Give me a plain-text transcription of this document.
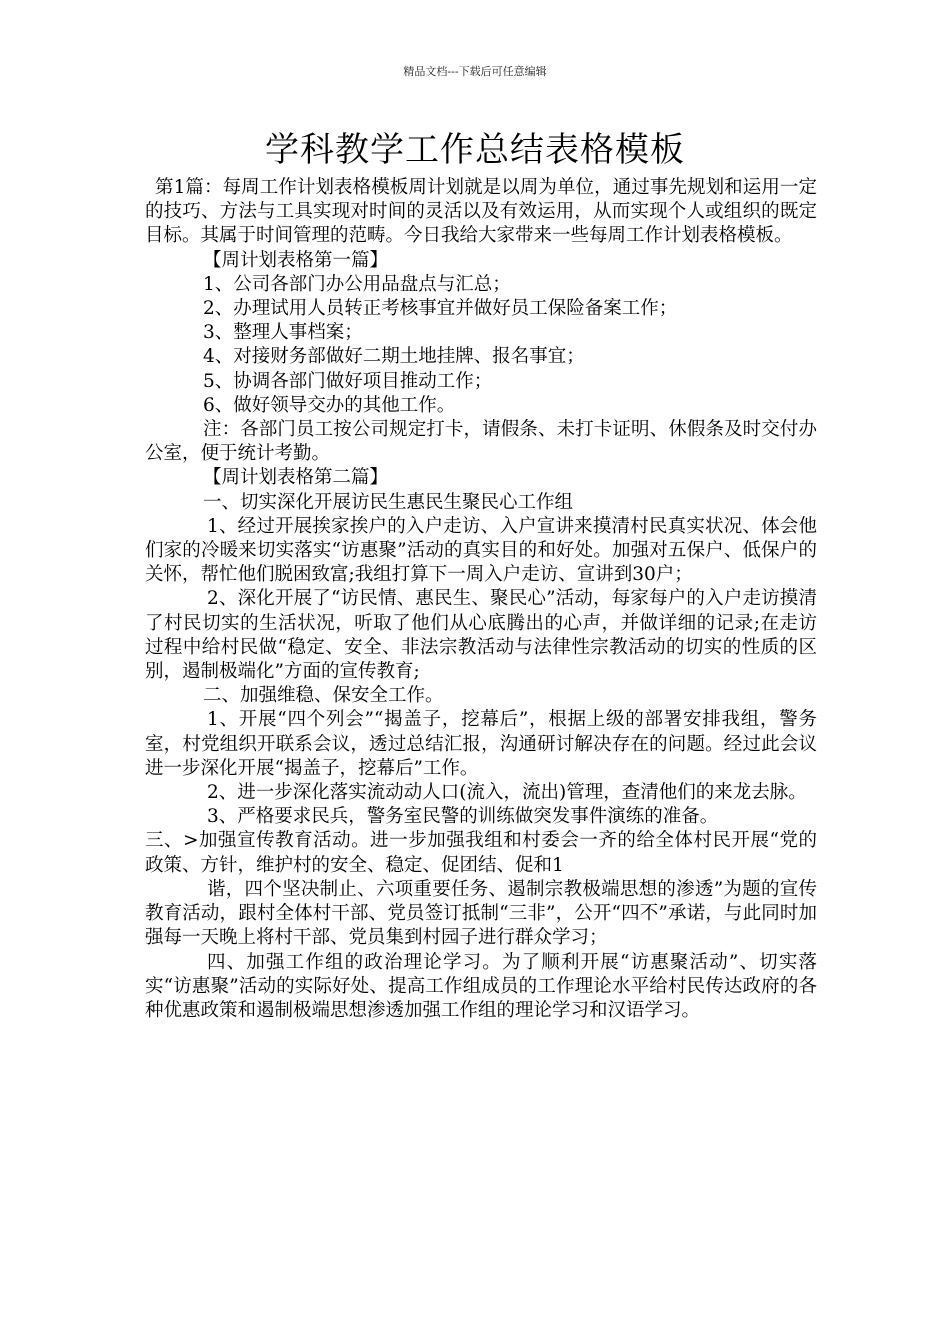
精品文档---下载后可任意编辑
学科教学工作总结表格模板

第1篇：每周工作计划表格模板周计划就是以周为单位，通过事先规划和运用一定的技巧、方法与工具实现对时间的灵活以及有效运用，从而实现个人或组织的既定目标。其属于时间管理的范畴。今日我给大家带来一些每周工作计划表格模板。

【周计划表格第一篇】

1、公司各部门办公用品盘点与汇总；

2、办理试用人员转正考核事宜并做好员工保险备案工作；

3、整理人事档案；

4、对接财务部做好二期土地挂牌、报名事宜；

5、协调各部门做好项目推动工作；

6、做好领导交办的其他工作。

注：各部门员工按公司规定打卡，请假条、未打卡证明、休假条及时交付办公室，便于统计考勤。

【周计划表格第二篇】

一、切实深化开展访民生惠民生聚民心工作组

1、经过开展挨家挨户的入户走访、入户宣讲来摸清村民真实状况、体会他们家的冷暖来切实落实“访惠聚”活动的真实目的和好处。加强对五保户、低保户的关怀，帮忙他们脱困致富;我组打算下一周入户走访、宣讲到30户；

2、深化开展了“访民情、惠民生、聚民心”活动，每家每户的入户走访摸清了村民切实的生活状况，听取了他们从心底腾出的心声，并做详细的记录;在走访过程中给村民做“稳定、安全、非法宗教活动与法律性宗教活动的切实的性质的区别，遏制极端化”方面的宣传教育;

二、加强维稳、保安全工作。

1、开展“四个列会”“揭盖子，挖幕后”，根据上级的部署安排我组，警务室，村党组织开联系会议，透过总结汇报，沟通研讨解决存在的问题。经过此会议进一步深化开展“揭盖子，挖幕后”工作。

2、进一步深化落实流动动人口(流入，流出)管理，查清他们的来龙去脉。

3、严格要求民兵，警务室民警的训练做突发事件演练的准备。

三、>加强宣传教育活动。进一步加强我组和村委会一齐的给全体村民开展“党的政策、方针，维护村的安全、稳定、促团结、促和1

谐，四个坚决制止、六项重要任务、遏制宗教极端思想的渗透”为题的宣传教育活动，跟村全体村干部、党员签订抵制“三非”，公开“四不”承诺，与此同时加强每一天晚上将村干部、党员集到村园子进行群众学习；

四、加强工作组的政治理论学习。为了顺利开展“访惠聚活动”、切实落实“访惠聚”活动的实际好处、提高工作组成员的工作理论水平给村民传达政府的各种优惠政策和遏制极端思想渗透加强工作组的理论学习和汉语学习。
